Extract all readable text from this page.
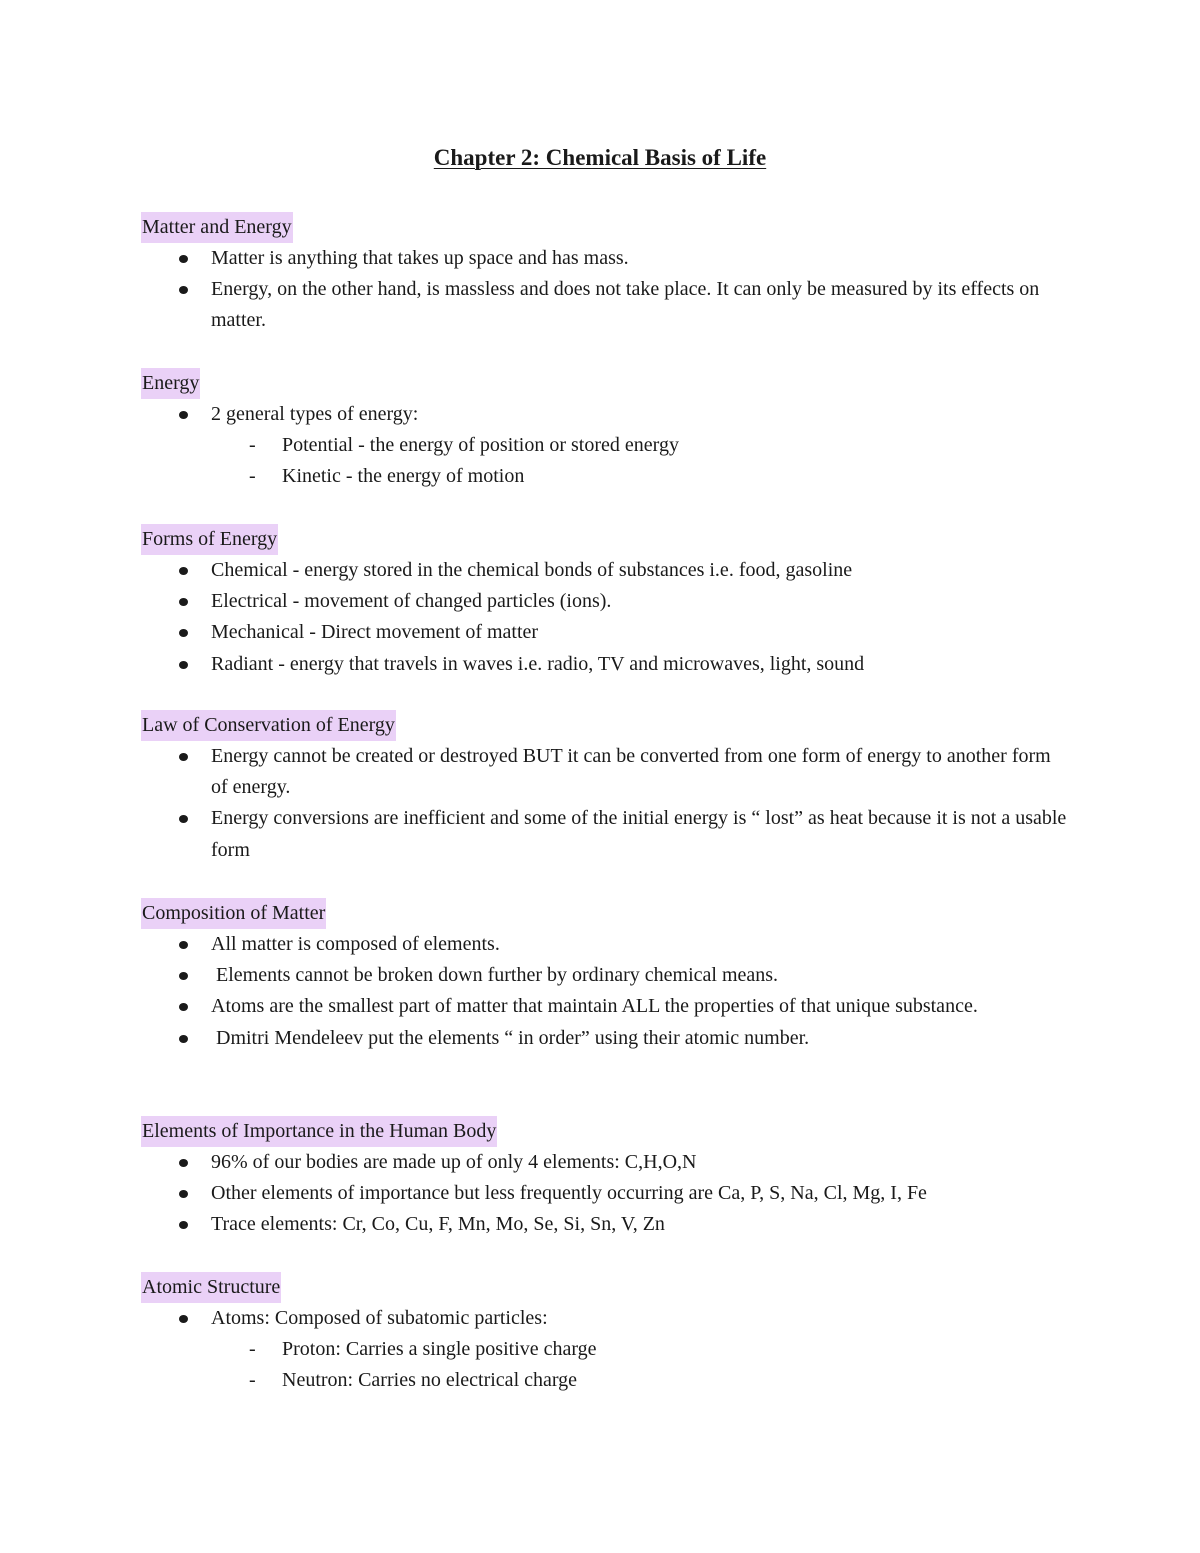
Chapter 2: Chemical Basis of Life
Matter and Energy
Matter is anything that takes up space and has mass.
Energy, on the other hand, is massless and does not take place. It can only be measured by its effects on matter.
Energy
2 general types of energy:
- Potential - the energy of position or stored energy
- Kinetic - the energy of motion
Forms of Energy
Chemical - energy stored in the chemical bonds of substances i.e. food, gasoline
Electrical - movement of changed particles (ions).
Mechanical - Direct movement of matter
Radiant - energy that travels in waves i.e. radio, TV and microwaves, light, sound
Law of Conservation of Energy
Energy cannot be created or destroyed BUT it can be converted from one form of energy to another form of energy.
Energy conversions are inefficient and some of the initial energy is “ lost” as heat because it is not a usable form
Composition of Matter
All matter is composed of elements.
Elements cannot be broken down further by ordinary chemical means.
Atoms are the smallest part of matter that maintain ALL the properties of that unique substance.
Dmitri Mendeleev put the elements “ in order” using their atomic number.
Elements of Importance in the Human Body
96% of our bodies are made up of only 4 elements: C,H,O,N
Other elements of importance but less frequently occurring are Ca, P, S, Na, Cl, Mg, I, Fe
Trace elements: Cr, Co, Cu, F, Mn, Mo, Se, Si, Sn, V, Zn
Atomic Structure
Atoms: Composed of subatomic particles:
- Proton: Carries a single positive charge
- Neutron: Carries no electrical charge
